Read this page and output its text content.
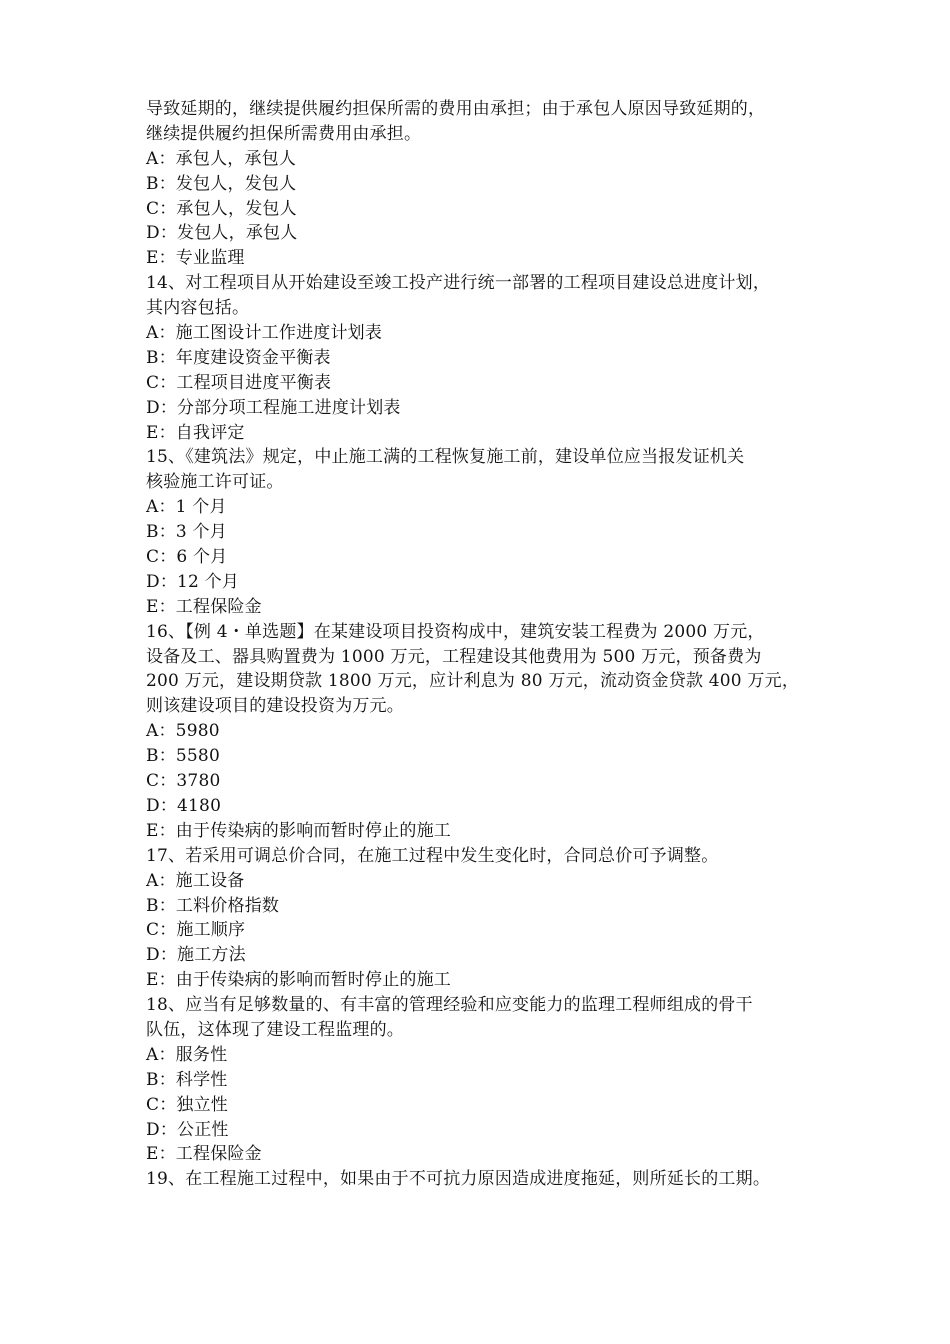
导致延期的，继续提供履约担保所需的费用由承担；由于承包人原因导致延期的，
继续提供履约担保所需费用由承担。
A：承包人，承包人
B：发包人，发包人
C：承包人，发包人
D：发包人，承包人
E：专业监理
14、对工程项目从开始建设至竣工投产进行统一部署的工程项目建设总进度计划，
其内容包括。
A：施工图设计工作进度计划表
B：年度建设资金平衡表
C：工程项目进度平衡表
D：分部分项工程施工进度计划表
E：自我评定
15、《建筑法》规定，中止施工满的工程恢复施工前，建设单位应当报发证机关
核验施工许可证。
A：1 个月
B：3 个月
C：6 个月
D：12 个月
E：工程保险金
16、【例 4・单选题】在某建设项目投资构成中，建筑安装工程费为 2000 万元，
设备及工、器具购置费为 1000 万元，工程建设其他费用为 500 万元，预备费为
200 万元，建设期贷款 1800 万元，应计利息为 80 万元，流动资金贷款 400 万元，
则该建设项目的建设投资为万元。
A：5980
B：5580
C：3780
D：4180
E：由于传染病的影响而暂时停止的施工
17、若采用可调总价合同，在施工过程中发生变化时，合同总价可予调整。
A：施工设备
B：工料价格指数
C：施工顺序
D：施工方法
E：由于传染病的影响而暂时停止的施工
18、应当有足够数量的、有丰富的管理经验和应变能力的监理工程师组成的骨干
队伍，这体现了建设工程监理的。
A：服务性
B：科学性
C：独立性
D：公正性
E：工程保险金
19、在工程施工过程中，如果由于不可抗力原因造成进度拖延，则所延长的工期。
